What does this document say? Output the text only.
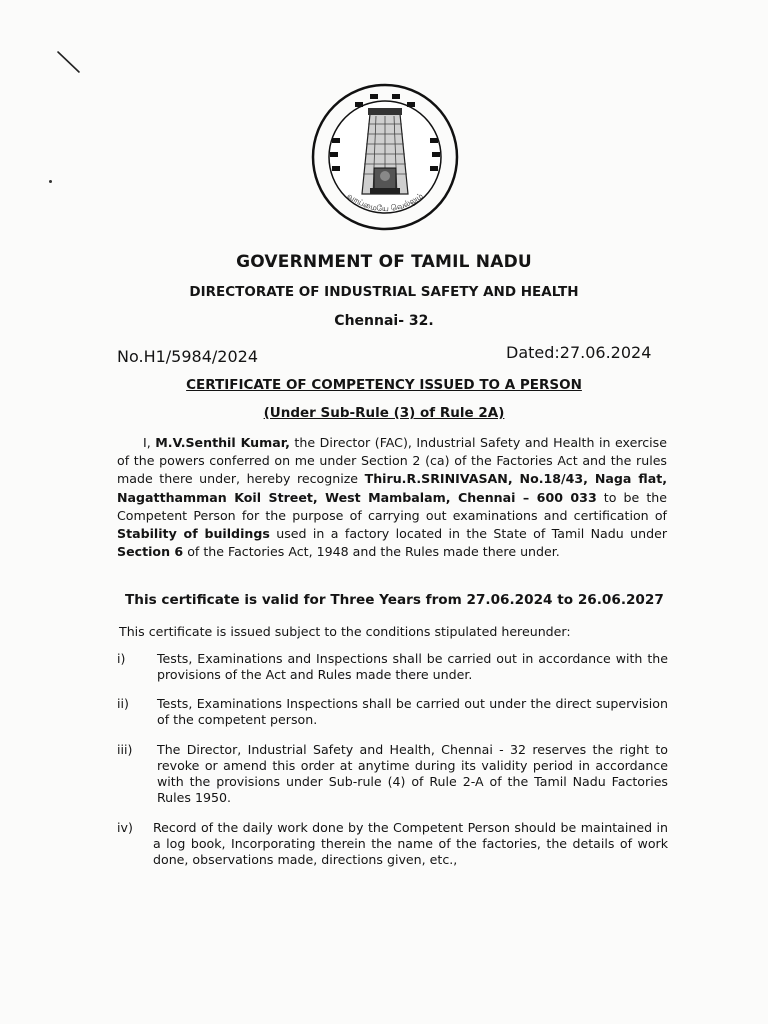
வாய்மையே வெல்லும்
GOVERNMENT OF TAMIL NADU
DIRECTORATE OF INDUSTRIAL SAFETY AND HEALTH
Chennai- 32.
No.H1/5984/2024	Dated:27.06.2024
CERTIFICATE OF COMPETENCY ISSUED TO A PERSON
(Under Sub-Rule (3) of Rule 2A)
I, M.V.Senthil Kumar, the Director (FAC), Industrial Safety and Health in exercise of the powers conferred on me under Section 2 (ca) of the Factories Act and the rules made there under, hereby recognize Thiru.R.SRINIVASAN, No.18/43, Naga flat, Nagatthamman Koil Street, West Mambalam, Chennai – 600 033 to be the Competent Person for the purpose of carrying out examinations and certification of Stability of buildings used in a factory located in the State of Tamil Nadu under Section 6 of the Factories Act, 1948 and the Rules made there under.
This certificate is valid for Three Years from 27.06.2024 to 26.06.2027
This certificate is issued subject to the conditions stipulated hereunder:
i)	Tests, Examinations and Inspections shall be carried out in accordance with the provisions of the Act and Rules made there under.
ii)	Tests, Examinations Inspections shall be carried out under the direct supervision of the competent person.
iii)	The Director, Industrial Safety and Health, Chennai - 32 reserves the right to revoke or amend this order at anytime during its validity period in accordance with the provisions under Sub-rule (4) of Rule 2-A of the Tamil Nadu Factories Rules 1950.
iv)	Record of the daily work done by the Competent Person should be maintained in a log book, Incorporating therein the name of the factories, the details of work done, observations made, directions given, etc.,
